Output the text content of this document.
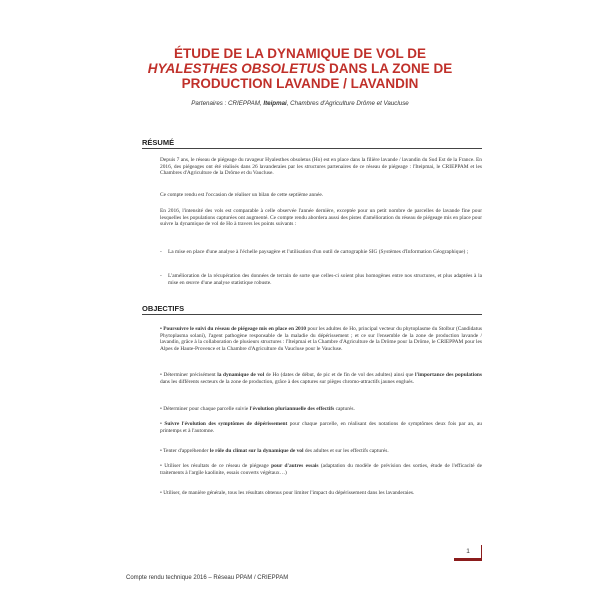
ÉTUDE DE LA DYNAMIQUE DE VOL DE
HYALESTHES OBSOLETUS DANS LA ZONE DE
PRODUCTION LAVANDE / LAVANDIN
Partenaires : CRIEPPAM, Iteipmai, Chambres d'Agriculture Drôme et Vaucluse
RÉSUMÉ
Depuis 7 ans, le réseau de piégeage du ravageur Hyalesthes obsoletus (Ho) est en place dans la filière lavande / lavandin du Sud Est de la France. En 2016, des piégeages ont été réalisés dans 26 lavanderaies par les structures partenaires de ce réseau de piégeage : l'Iteipmai, le CRIEPPAM et les Chambres d'Agriculture de la Drôme et du Vaucluse.
Ce compte rendu est l'occasion de réaliser un bilan de cette septième année.
En 2016, l'intensité des vols est comparable à celle observée l'année dernière, exceptée pour un petit nombre de parcelles de lavande fine pour lesquelles les populations capturées ont augmenté. Ce compte rendu abordera aussi des pistes d'amélioration du réseau de piégeage mis en place pour suivre la dynamique de vol de Ho à travers les points suivants :
- La mise en place d'une analyse à l'échelle paysagère et l'utilisation d'un outil de cartographie SIG (Systèmes d'Information Géographique) ;
- L'amélioration de la récupération des données de terrain de sorte que celles-ci soient plus homogènes entre nos structures, et plus adaptées à la mise en œuvre d'une analyse statistique robuste.
OBJECTIFS
• Poursuivre le suivi du réseau de piégeage mis en place en 2010 pour les adultes de Ho, principal vecteur du phytoplasme du Stolbur (Candidatus Phytoplasma solani), l'agent pathogène responsable de la maladie du dépérissement ; et ce sur l'ensemble de la zone de production lavande / lavandin, grâce à la collaboration de plusieurs structures : l'Iteipmai et la Chambre d'Agriculture de la Drôme pour la Drôme, le CRIEPPAM pour les Alpes de Haute-Provence et la Chambre d'Agriculture du Vaucluse pour le Vaucluse.
• Déterminer précisément la dynamique de vol de Ho (dates de début, de pic et de fin de vol des adultes) ainsi que l'importance des populations dans les différents secteurs de la zone de production, grâce à des captures sur pièges chromo-attractifs jaunes englués.
• Déterminer pour chaque parcelle suivie l'évolution pluriannuelle des effectifs capturés.
• Suivre l'évolution des symptômes de dépérissement pour chaque parcelle, en réalisant des notations de symptômes deux fois par an, au printemps et à l'automne.
• Tenter d'appréhender le rôle du climat sur la dynamique de vol des adultes et sur les effectifs capturés.
• Utiliser les résultats de ce réseau de piégeage pour d'autres essais (adaptation du modèle de prévision des sorties, étude de l'efficacité de traitements à l'argile kaolinite, essais couverts végétaux…)
• Utiliser, de manière générale, tous les résultats obtenus pour limiter l'impact du dépérissement dans les lavanderaies.
1
Compte rendu technique 2016 – Réseau PPAM / CRIEPPAM
